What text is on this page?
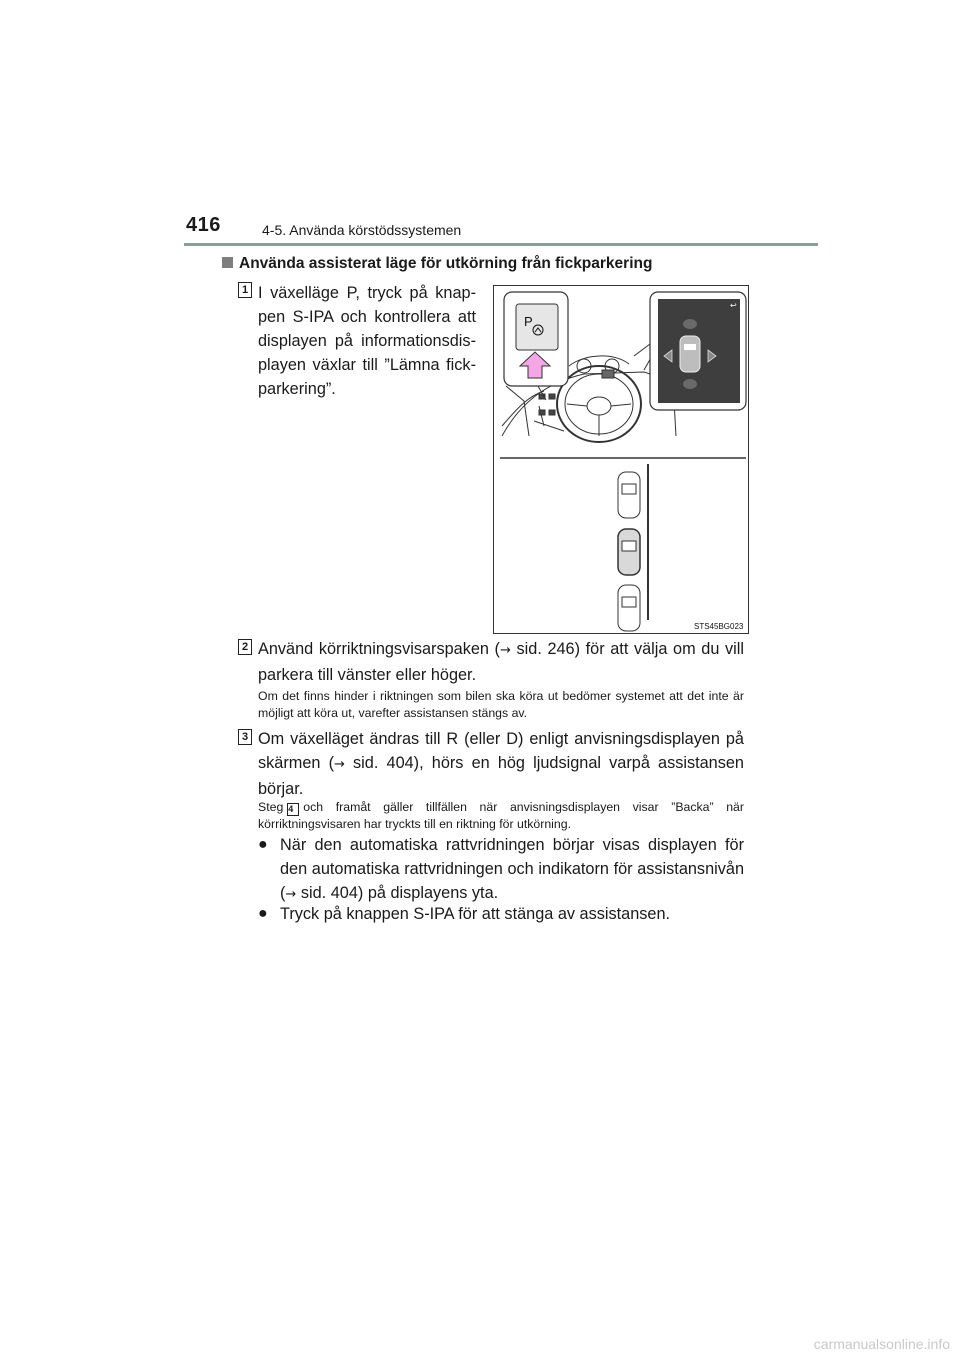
416	4-5. Använda körstödssystemen
Använda assisterat läge för utkörning från fickparkering
1 I växelläge P, tryck på knap-
pen S-IPA och kontrollera att
displayen på informationsdis-
playen växlar till ”Lämna fick-
parkering”.
P
↩
STS45BG023
2 Använd körriktningsvisarspaken (→ sid. 246) för att välja om du vill parkera till vänster eller höger.
Om det finns hinder i riktningen som bilen ska köra ut bedömer systemet att det inte är möjligt att köra ut, varefter assistansen stängs av.
3 Om växelläget ändras till R (eller D) enligt anvisningsdisplayen på skärmen (→ sid. 404), hörs en hög ljudsignal varpå assistansen börjar.
Steg 4 och framåt gäller tillfällen när anvisningsdisplayen visar ”Backa” när körriktningsvisaren har tryckts till en riktning för utkörning.
● När den automatiska rattvridningen börjar visas displayen för den automatiska rattvridningen och indikatorn för assistansnivån (→ sid. 404) på displayens yta.
● Tryck på knappen S-IPA för att stänga av assistansen.
carmanualsonline.info
